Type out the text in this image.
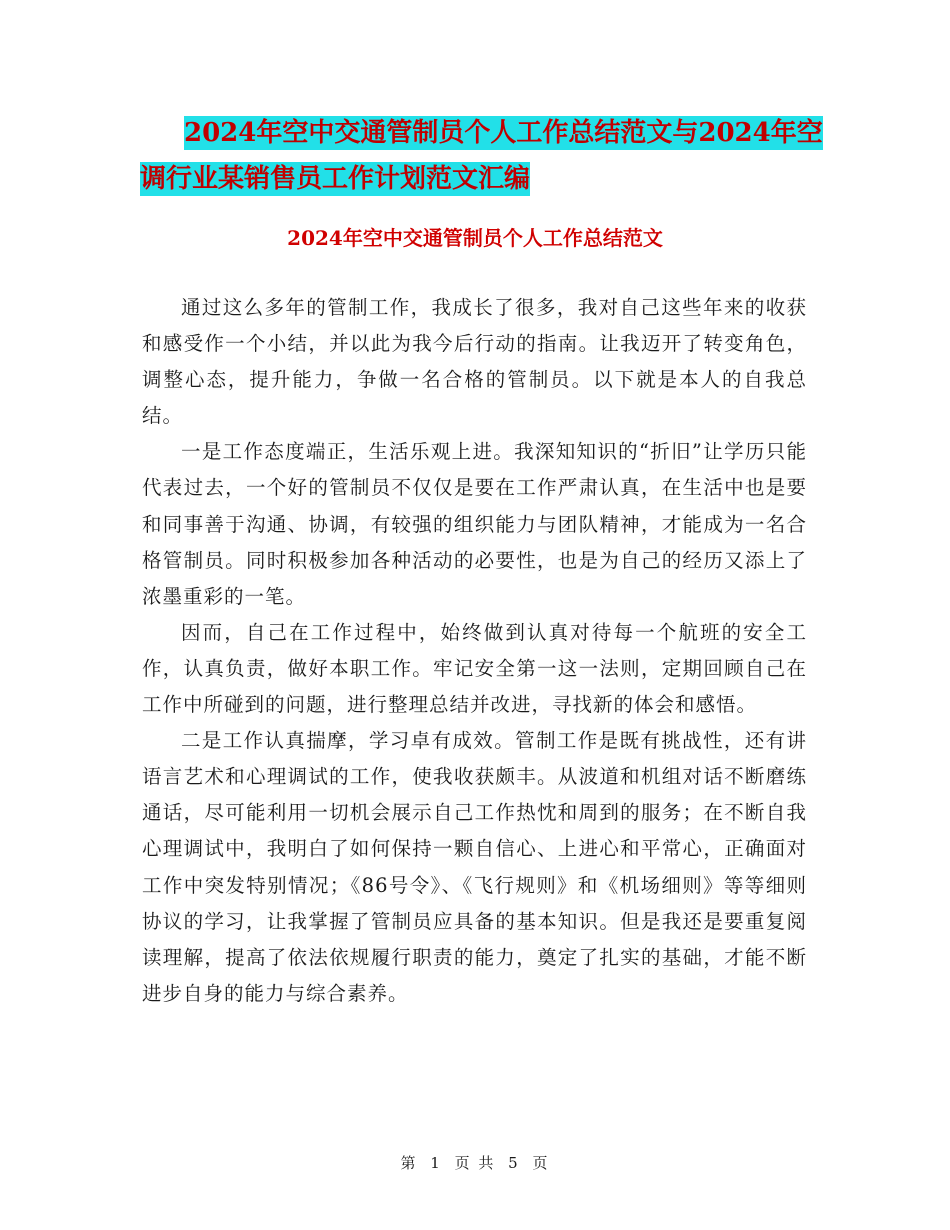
2024年空中交通管制员个人工作总结范文与2024年空
调行业某销售员工作计划范文汇编
2024年空中交通管制员个人工作总结范文

通过这么多年的管制工作，我成长了很多，我对自己这些年来的收获和感受作一个小结，并以此为我今后行动的指南。让我迈开了转变角色，调整心态，提升能力，争做一名合格的管制员。以下就是本人的自我总结。

一是工作态度端正，生活乐观上进。我深知知识的“折旧”让学历只能代表过去，一个好的管制员不仅仅是要在工作严肃认真，在生活中也是要和同事善于沟通、协调，有较强的组织能力与团队精神，才能成为一名合格管制员。同时积极参加各种活动的必要性，也是为自己的经历又添上了浓墨重彩的一笔。

因而，自己在工作过程中，始终做到认真对待每一个航班的安全工作，认真负责，做好本职工作。牢记安全第一这一法则，定期回顾自己在工作中所碰到的问题，进行整理总结并改进，寻找新的体会和感悟。

二是工作认真揣摩，学习卓有成效。管制工作是既有挑战性，还有讲语言艺术和心理调试的工作，使我收获颇丰。从波道和机组对话不断磨练通话，尽可能利用一切机会展示自己工作热忱和周到的服务；在不断自我心理调试中，我明白了如何保持一颗自信心、上进心和平常心，正确面对工作中突发特别情况；《86号令》、《飞行规则》和《机场细则》等等细则协议的学习，让我掌握了管制员应具备的基本知识。但是我还是要重复阅读理解，提高了依法依规履行职责的能力，奠定了扎实的基础，才能不断进步自身的能力与综合素养。

第 1 页 共 5 页
